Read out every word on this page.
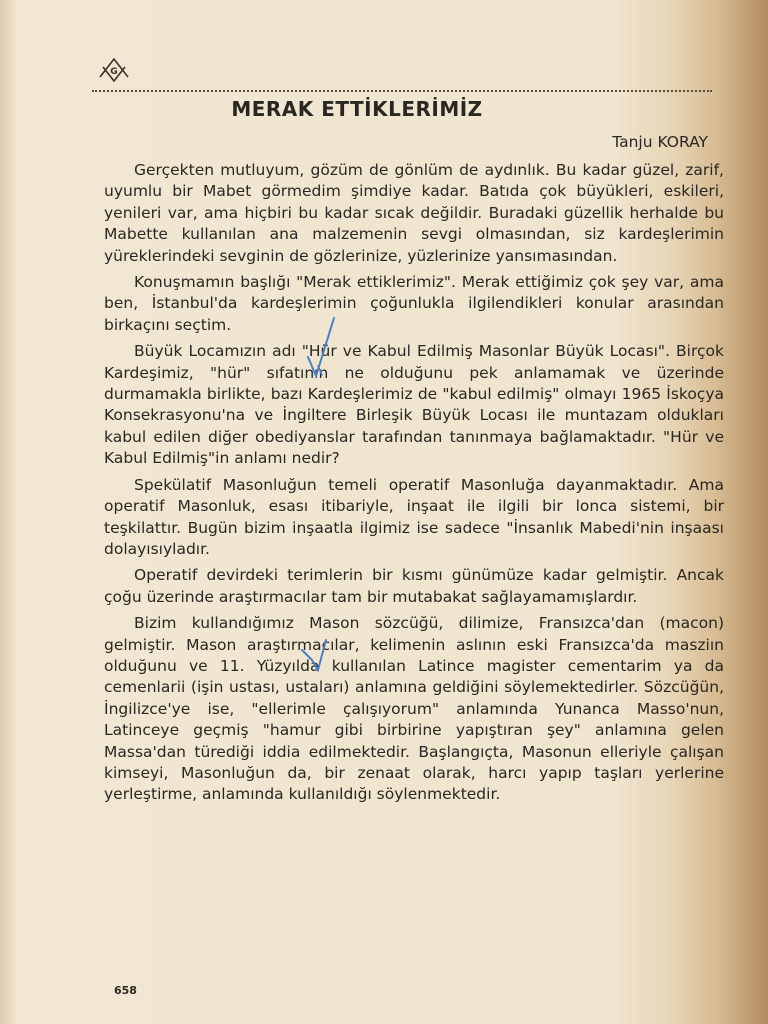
G
MERAK ETTİKLERİMİZ
Tanju KORAY

Gerçekten mutluyum, gözüm de gönlüm de aydınlık. Bu kadar güzel, zarif, uyumlu bir Mabet görmedim şimdiye kadar. Batıda çok büyükleri, eskileri, yenileri var, ama hiçbiri bu kadar sıcak değildir. Buradaki güzellik herhalde bu Mabette kullanılan ana malzemenin sevgi olmasından, siz kardeşlerimin yüreklerindeki sevginin de gözlerinize, yüzlerinize yansımasından.

Konuşmamın başlığı "Merak ettiklerimiz". Merak ettiğimiz çok şey var, ama ben, İstanbul'da kardeşlerimin çoğunlukla ilgilendikleri konular arasından birkaçını seçtim.

Büyük Locamızın adı "Hür ve Kabul Edilmiş Masonlar Büyük Locası". Birçok Kardeşimiz, "hür" sıfatının ne olduğunu pek anlamamak ve üzerinde durmamakla birlikte, bazı Kardeşlerimiz de "kabul edilmiş" olmayı 1965 İskoçya Konsekrasyonu'na ve İngiltere Birleşik Büyük Locası ile muntazam oldukları kabul edilen diğer obediyanslar tarafından tanınmaya bağlamaktadır. "Hür ve Kabul Edilmiş"in anlamı nedir?

Spekülatif Masonluğun temeli operatif Masonluğa dayanmaktadır. Ama operatif Masonluk, esası itibariyle, inşaat ile ilgili bir lonca sistemi, bir teşkilattır. Bugün bizim inşaatla ilgimiz ise sadece "İnsanlık Mabedi'nin inşaası dolayısıyladır.

Operatif devirdeki terimlerin bir kısmı günümüze kadar gelmiştir. Ancak çoğu üzerinde araştırmacılar tam bir mutabakat sağlayamamışlardır.

Bizim kullandığımız Mason sözcüğü, dilimize, Fransızca'dan (macon) gelmiştir. Mason araştırmacılar, kelimenin aslının eski Fransızca'da masziın olduğunu ve 11. Yüzyılda kullanılan Latince magister cementarim ya da cemenlarii (işin ustası, ustaları) anlamına geldiğini söylemektedirler. Sözcüğün, İngilizce'ye ise, "ellerimle çalışıyorum" anlamında Yunanca Masso'nun, Latinceye geçmiş "hamur gibi birbirine yapıştıran şey" anlamına gelen Massa'dan türediği iddia edilmektedir. Başlangıçta, Masonun elleriyle çalışan kimseyi, Masonluğun da, bir zenaat olarak, harcı yapıp taşları yerlerine yerleştirme, anlamında kullanıldığı söylenmektedir.

658
